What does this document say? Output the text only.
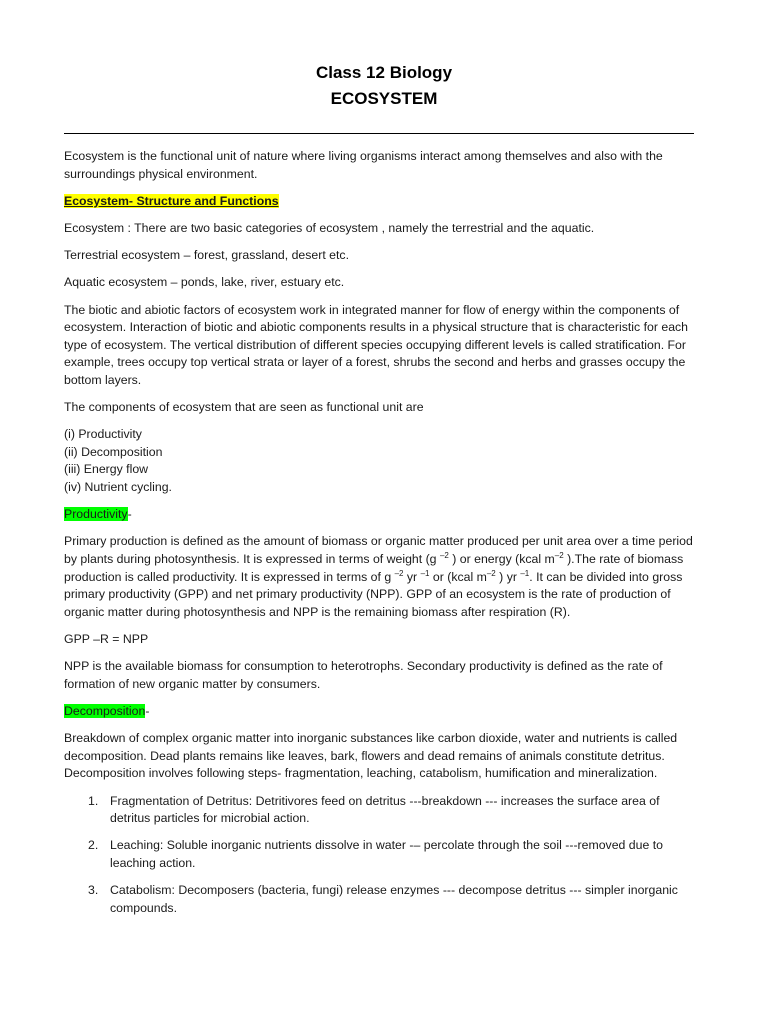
Class 12 Biology
ECOSYSTEM

Ecosystem is the functional unit of nature where living organisms interact among themselves and also with the surroundings physical environment.

Ecosystem- Structure and Functions

Ecosystem : There are two basic categories of ecosystem , namely the terrestrial and the aquatic.

Terrestrial ecosystem – forest, grassland, desert etc.

Aquatic ecosystem – ponds, lake, river, estuary etc.

The biotic and abiotic factors of ecosystem work in integrated manner for flow of energy within the components of ecosystem. Interaction of biotic and abiotic components results in a physical structure that is characteristic for each type of ecosystem. The vertical distribution of different species occupying different levels is called stratification. For example, trees occupy top vertical strata or layer of a forest, shrubs the second and herbs and grasses occupy the bottom layers.

The components of ecosystem that are seen as functional unit are

(i) Productivity
(ii) Decomposition
(iii) Energy flow
(iv) Nutrient cycling.

Productivity-

Primary production is defined as the amount of biomass or organic matter produced per unit area over a time period by plants during photosynthesis. It is expressed in terms of weight (g $^{-2}$ ) or energy (kcal $m^{-2}$ ).The rate of biomass production is called productivity. It is expressed in terms of g $^{-2}$ yr $^{-1}$ or (kcal $m^{-2}$ ) yr $^{-1}$. It can be divided into gross primary productivity (GPP) and net primary productivity (NPP). GPP of an ecosystem is the rate of production of organic matter during photosynthesis and NPP is the remaining biomass after respiration (R).

GPP –R = NPP

NPP is the available biomass for consumption to heterotrophs. Secondary productivity is defined as the rate of formation of new organic matter by consumers.

Decomposition-

Breakdown of complex organic matter into inorganic substances like carbon dioxide, water and nutrients is called decomposition. Dead plants remains like leaves, bark, flowers and dead remains of animals constitute detritus. Decomposition involves following steps- fragmentation, leaching, catabolism, humification and mineralization.

1. Fragmentation of Detritus: Detritivores feed on detritus ---breakdown --- increases the surface area of detritus particles for microbial action.
2. Leaching: Soluble inorganic nutrients dissolve in water -– percolate through the soil ---removed due to leaching action.
3. Catabolism: Decomposers (bacteria, fungi) release enzymes --- decompose detritus --- simpler inorganic compounds.
